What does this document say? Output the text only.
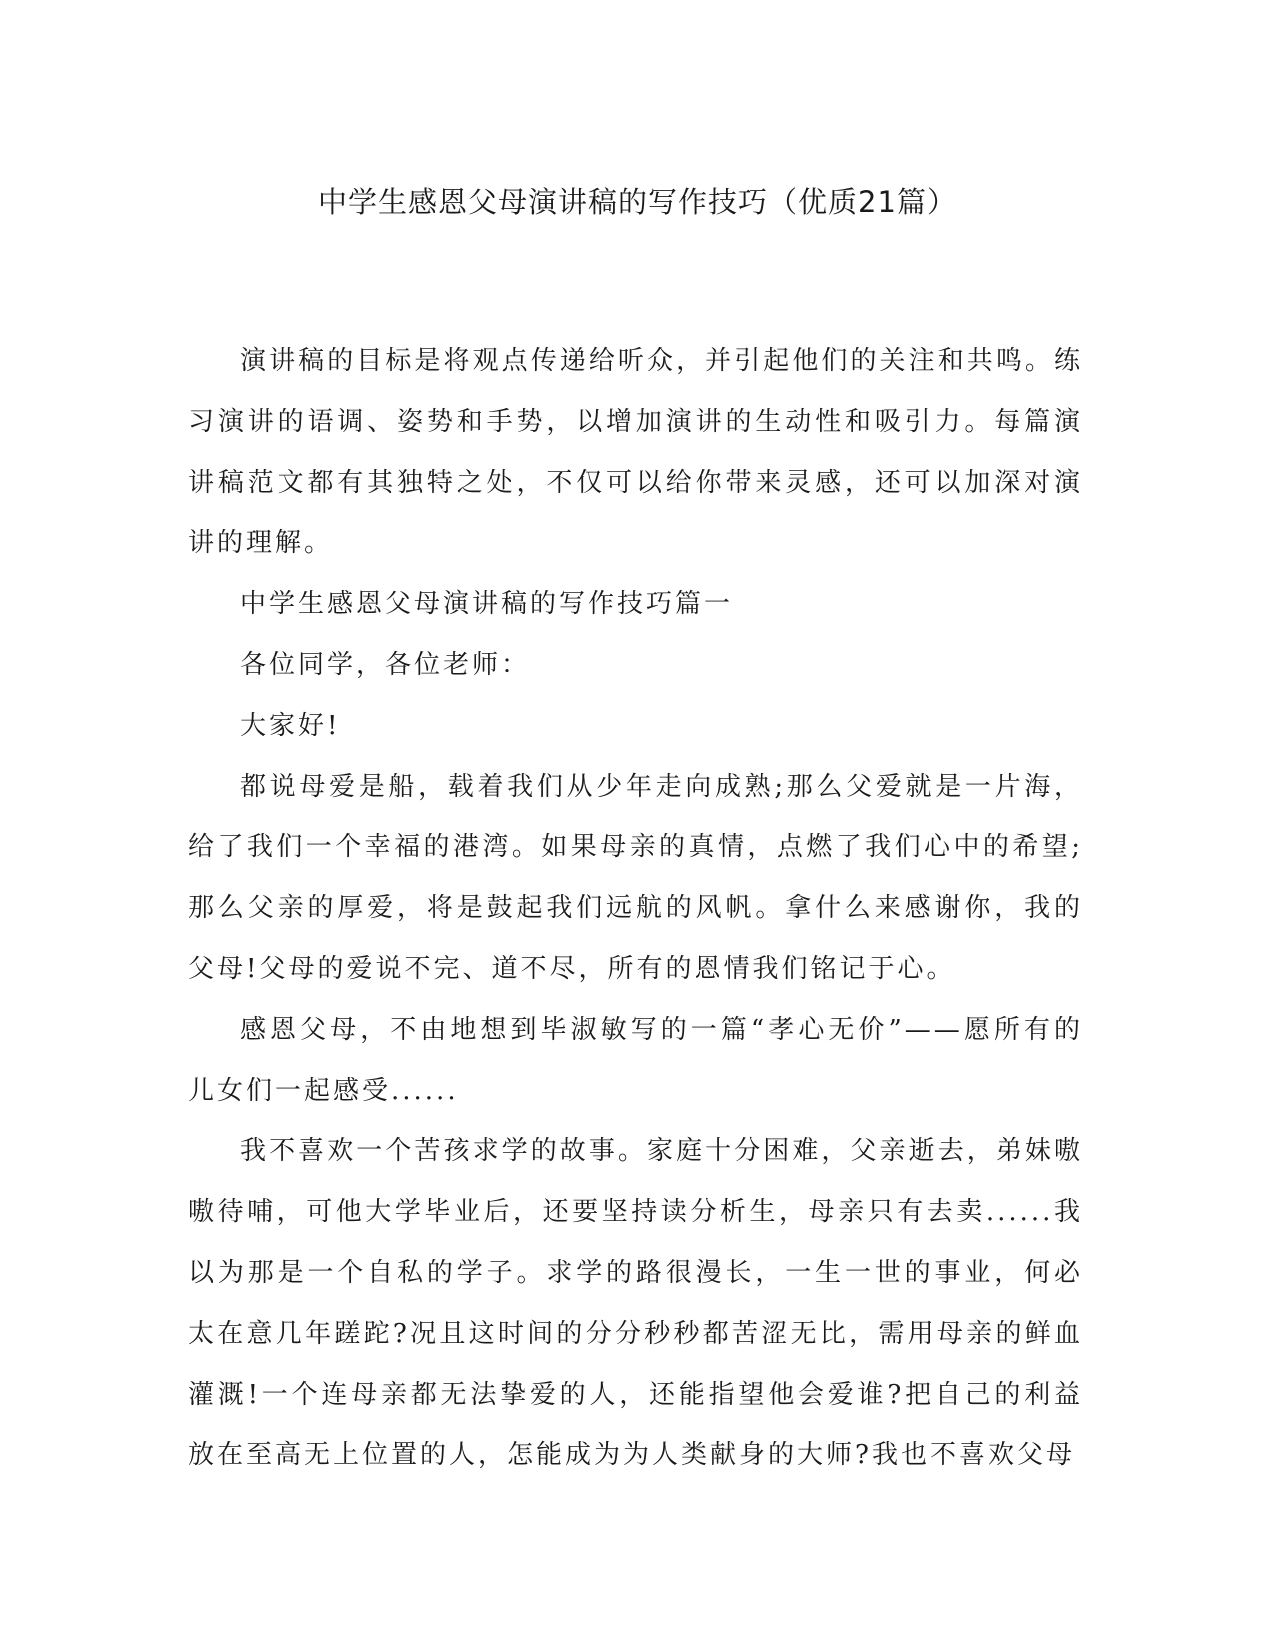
中学生感恩父母演讲稿的写作技巧（优质21篇）

演讲稿的目标是将观点传递给听众，并引起他们的关注和共鸣。练习演讲的语调、姿势和手势，以增加演讲的生动性和吸引力。每篇演讲稿范文都有其独特之处，不仅可以给你带来灵感，还可以加深对演讲的理解。

中学生感恩父母演讲稿的写作技巧篇一

各位同学，各位老师：

大家好!

都说母爱是船，载着我们从少年走向成熟;那么父爱就是一片海，给了我们一个幸福的港湾。如果母亲的真情，点燃了我们心中的希望;那么父亲的厚爱，将是鼓起我们远航的风帆。拿什么来感谢你，我的父母!父母的爱说不完、道不尽，所有的恩情我们铭记于心。

感恩父母，不由地想到毕淑敏写的一篇“孝心无价”——愿所有的儿女们一起感受......

我不喜欢一个苦孩求学的故事。家庭十分困难，父亲逝去，弟妹嗷嗷待哺，可他大学毕业后，还要坚持读分析生，母亲只有去卖......我以为那是一个自私的学子。求学的路很漫长，一生一世的事业，何必太在意几年蹉跎?况且这时间的分分秒秒都苦涩无比，需用母亲的鲜血灌溉!一个连母亲都无法挚爱的人，还能指望他会爱谁?把自己的利益放在至高无上位置的人，怎能成为为人类献身的大师?我也不喜欢父母
